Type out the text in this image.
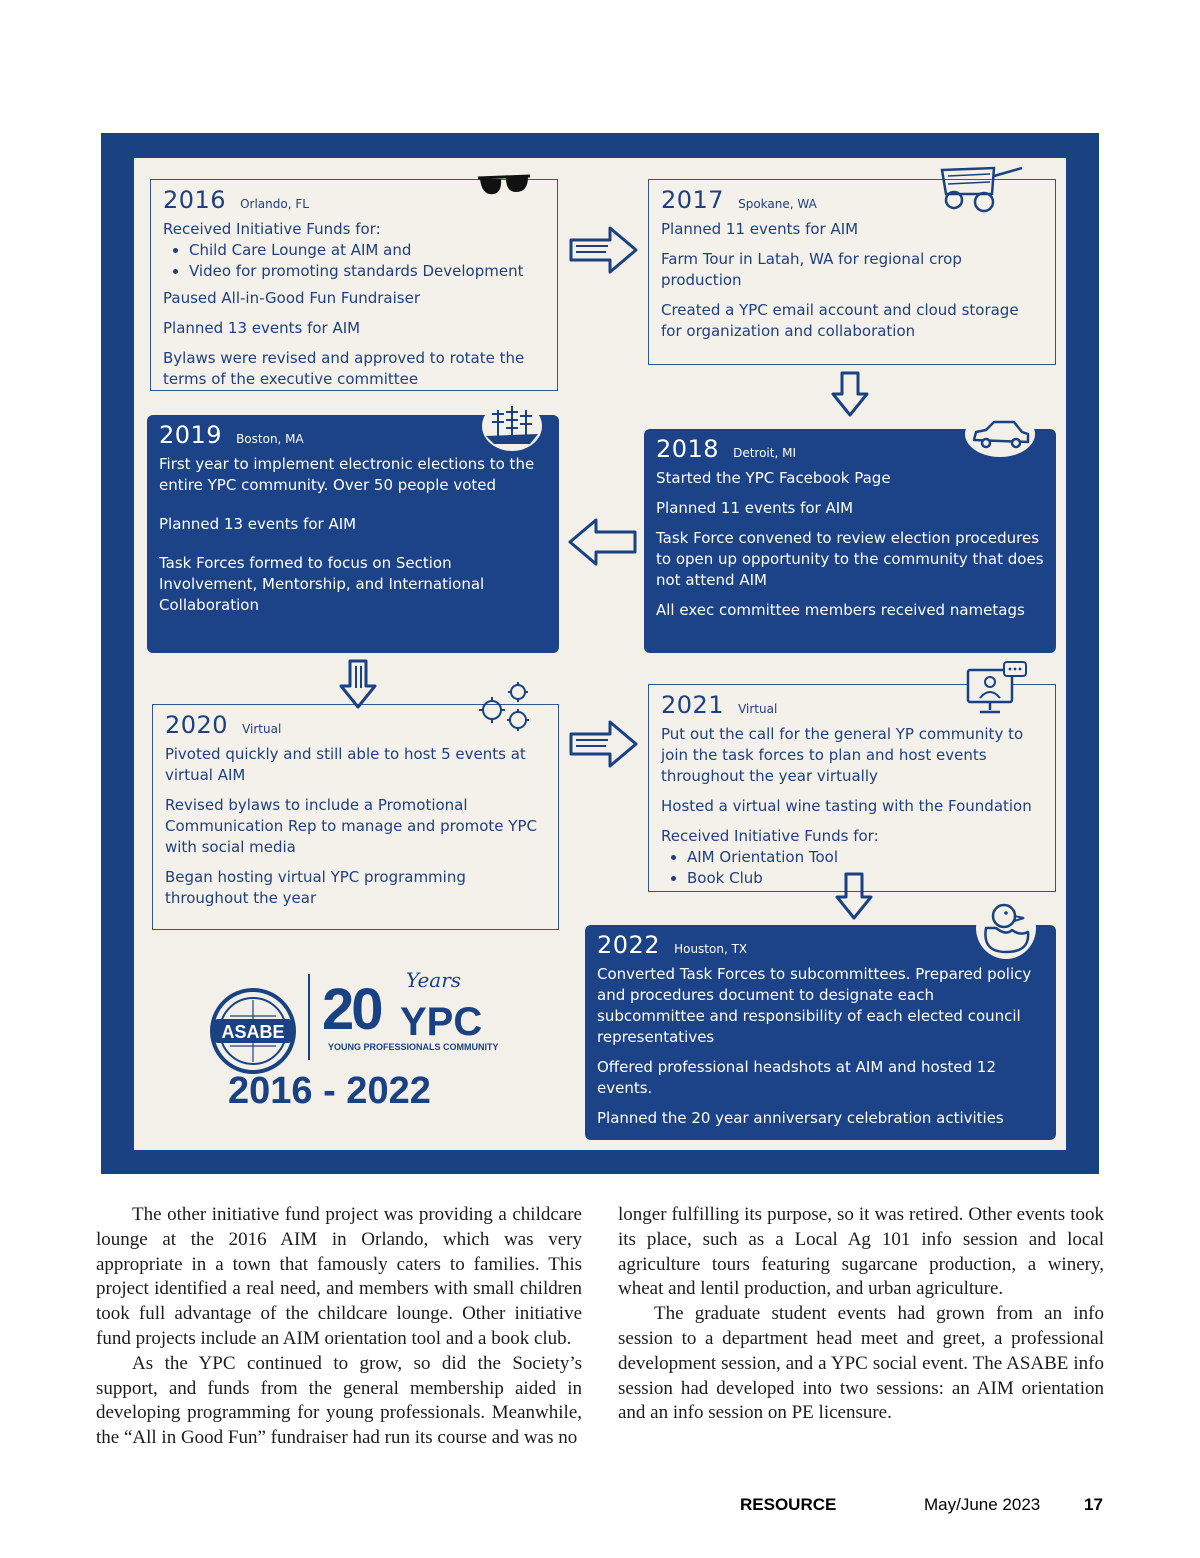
2016 Orlando, FL

Received Initiative Funds for:

• Child Care Lounge at AIM and
• Video for promoting standards Development

Paused All-in-Good Fun Fundraiser

Planned 13 events for AIM

Bylaws were revised and approved to rotate the terms of the executive committee

2017 Spokane, WA

Planned 11 events for AIM

Farm Tour in Latah, WA for regional crop production

Created a YPC email account and cloud storage for organization and collaboration

2019 Boston, MA

First year to implement electronic elections to the entire YPC community. Over 50 people voted

Planned 13 events for AIM

Task Forces formed to focus on Section Involvement, Mentorship, and International Collaboration

2018 Detroit, MI

Started the YPC Facebook Page

Planned 11 events for AIM

Task Force convened to review election procedures to open up opportunity to the community that does not attend AIM

All exec committee members received nametags

2020 Virtual

Pivoted quickly and still able to host 5 events at virtual AIM

Revised bylaws to include a Promotional Communication Rep to manage and promote YPC with social media

Began hosting virtual YPC programming throughout the year

2021 Virtual

Put out the call for the general YP community to join the task forces to plan and host events throughout the year virtually

Hosted a virtual wine tasting with the Foundation

Received Initiative Funds for:

• AIM Orientation Tool
• Book Club
2022 Houston, TX

Converted Task Forces to subcommittees. Prepared policy and procedures document to designate each subcommittee and responsibility of each elected council representatives

Offered professional headshots at AIM and hosted 12 events.

Planned the 20 year anniversary celebration activities

ASABE
Years
20 YPC
YOUNG PROFESSIONALS COMMUNITY
2016 - 2022

The other initiative fund project was providing a childcare lounge at the 2016 AIM in Orlando, which was very appropriate in a town that famously caters to families. This project identified a real need, and members with small children took full advantage of the childcare lounge. Other initiative fund projects include an AIM orientation tool and a book club.

As the YPC continued to grow, so did the Society’s support, and funds from the general membership aided in developing programming for young professionals. Meanwhile, the “All in Good Fun” fundraiser had run its course and was no

longer fulfilling its purpose, so it was retired. Other events took its place, such as a Local Ag 101 info session and local agriculture tours featuring sugarcane production, a winery, wheat and lentil production, and urban agriculture.

The graduate student events had grown from an info session to a department head meet and greet, a professional development session, and a YPC social event. The ASABE info session had developed into two sessions: an AIM orientation and an info session on PE licensure.

RESOURCE	May/June 2023	17
